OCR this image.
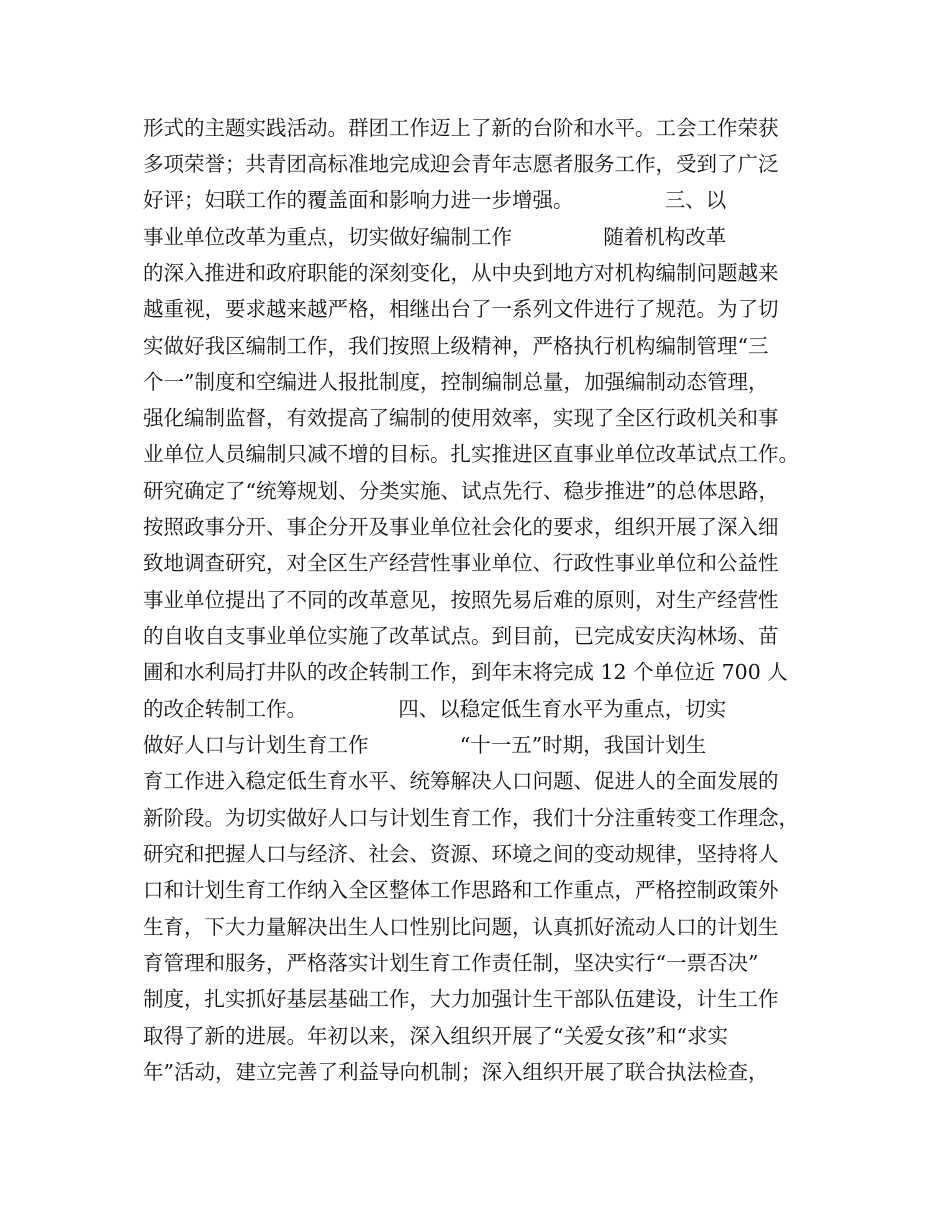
形式的主题实践活动。群团工作迈上了新的台阶和水平。工会工作荣获
多项荣誉；共青团高标准地完成迎会青年志愿者服务工作，受到了广泛
好评；妇联工作的覆盖面和影响力进一步增强。              三、以
事业单位改革为重点，切实做好编制工作              随着机构改革
的深入推进和政府职能的深刻变化，从中央到地方对机构编制问题越来
越重视，要求越来越严格，相继出台了一系列文件进行了规范。为了切
实做好我区编制工作，我们按照上级精神，严格执行机构编制管理“三
个一”制度和空编进人报批制度，控制编制总量，加强编制动态管理，
强化编制监督，有效提高了编制的使用效率，实现了全区行政机关和事
业单位人员编制只减不增的目标。扎实推进区直事业单位改革试点工作。
研究确定了“统筹规划、分类实施、试点先行、稳步推进”的总体思路，
按照政事分开、事企分开及事业单位社会化的要求，组织开展了深入细
致地调查研究，对全区生产经营性事业单位、行政性事业单位和公益性
事业单位提出了不同的改革意见，按照先易后难的原则，对生产经营性
的自收自支事业单位实施了改革试点。到目前，已完成安庆沟林场、苗
圃和水利局打井队的改企转制工作，到年末将完成 12 个单位近 700 人
的改企转制工作。              四、以稳定低生育水平为重点，切实
做好人口与计划生育工作              “十一五”时期，我国计划生
育工作进入稳定低生育水平、统筹解决人口问题、促进人的全面发展的
新阶段。为切实做好人口与计划生育工作，我们十分注重转变工作理念，
研究和把握人口与经济、社会、资源、环境之间的变动规律，坚持将人
口和计划生育工作纳入全区整体工作思路和工作重点，严格控制政策外
生育，下大力量解决出生人口性别比问题，认真抓好流动人口的计划生
育管理和服务，严格落实计划生育工作责任制，坚决实行“一票否决”
制度，扎实抓好基层基础工作，大力加强计生干部队伍建设，计生工作
取得了新的进展。年初以来，深入组织开展了“关爱女孩”和“求实
年”活动，建立完善了利益导向机制；深入组织开展了联合执法检查，
